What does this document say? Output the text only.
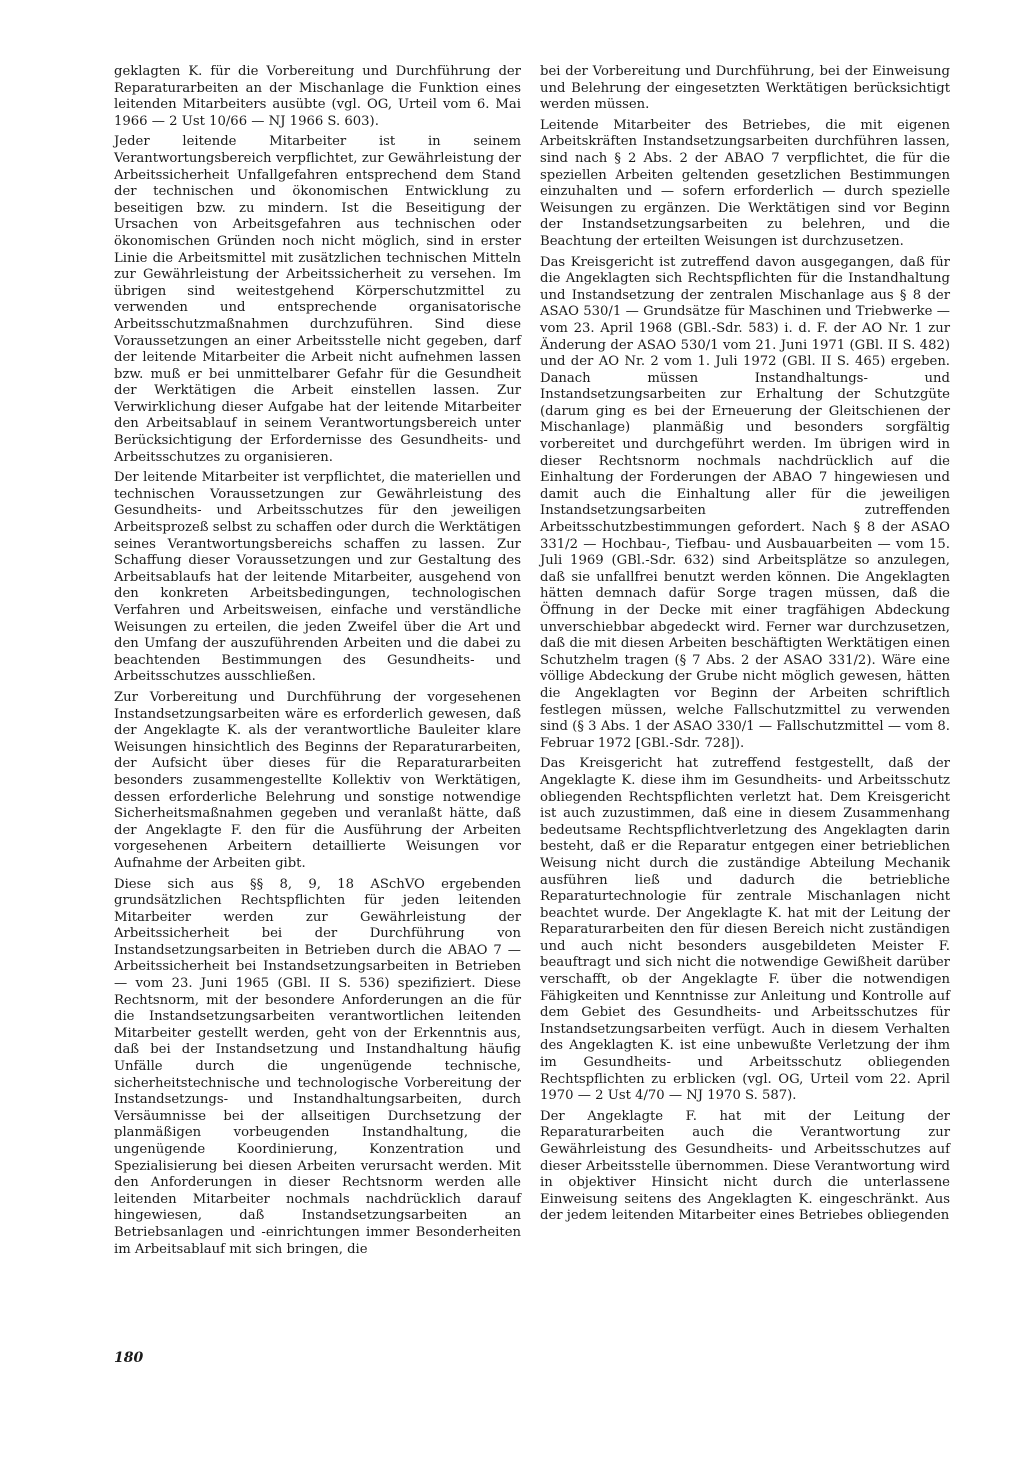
geklagten K. für die Vorbereitung und Durchführung der Reparaturarbeiten an der Mischanlage die Funktion eines leitenden Mitarbeiters ausübte (vgl. OG, Urteil vom 6. Mai 1966 — 2 Ust 10/66 — NJ 1966 S. 603).

Jeder leitende Mitarbeiter ist in seinem Verantwortungsbereich verpflichtet, zur Gewährleistung der Arbeitssicherheit Unfallgefahren entsprechend dem Stand der technischen und ökonomischen Entwicklung zu beseitigen bzw. zu mindern. Ist die Beseitigung der Ursachen von Arbeitsgefahren aus technischen oder ökonomischen Gründen noch nicht möglich, sind in erster Linie die Arbeitsmittel mit zusätzlichen technischen Mitteln zur Gewährleistung der Arbeitssicherheit zu versehen. Im übrigen sind weitestgehend Körperschutzmittel zu verwenden und entsprechende organisatorische Arbeitsschutzmaßnahmen durchzuführen. Sind diese Voraussetzungen an einer Arbeitsstelle nicht gegeben, darf der leitende Mitarbeiter die Arbeit nicht aufnehmen lassen bzw. muß er bei unmittelbarer Gefahr für die Gesundheit der Werktätigen die Arbeit einstellen lassen. Zur Verwirklichung dieser Aufgabe hat der leitende Mitarbeiter den Arbeitsablauf in seinem Verantwortungsbereich unter Berücksichtigung der Erfordernisse des Gesundheits- und Arbeitsschutzes zu organisieren.

Der leitende Mitarbeiter ist verpflichtet, die materiellen und technischen Voraussetzungen zur Gewährleistung des Gesundheits- und Arbeitsschutzes für den jeweiligen Arbeitsprozeß selbst zu schaffen oder durch die Werktätigen seines Verantwortungsbereichs schaffen zu lassen. Zur Schaffung dieser Voraussetzungen und zur Gestaltung des Arbeitsablaufs hat der leitende Mitarbeiter, ausgehend von den konkreten Arbeitsbedingungen, technologischen Verfahren und Arbeitsweisen, einfache und verständliche Weisungen zu erteilen, die jeden Zweifel über die Art und den Umfang der auszuführenden Arbeiten und die dabei zu beachtenden Bestimmungen des Gesundheits- und Arbeitsschutzes ausschließen.

Zur Vorbereitung und Durchführung der vorgesehenen Instandsetzungsarbeiten wäre es erforderlich gewesen, daß der Angeklagte K. als der verantwortliche Bauleiter klare Weisungen hinsichtlich des Beginns der Reparaturarbeiten, der Aufsicht über dieses für die Reparaturarbeiten besonders zusammengestellte Kollektiv von Werktätigen, dessen erforderliche Belehrung und sonstige notwendige Sicherheitsmaßnahmen gegeben und veranlaßt hätte, daß der Angeklagte F. den für die Ausführung der Arbeiten vorgesehenen Arbeitern detaillierte Weisungen vor Aufnahme der Arbeiten gibt.

Diese sich aus §§ 8, 9, 18 ASchVO ergebenden grundsätzlichen Rechtspflichten für jeden leitenden Mitarbeiter werden zur Gewährleistung der Arbeitssicherheit bei der Durchführung von Instandsetzungsarbeiten in Betrieben durch die ABAO 7 — Arbeitssicherheit bei Instandsetzungsarbeiten in Betrieben — vom 23. Juni 1965 (GBl. II S. 536) spezifiziert. Diese Rechtsnorm, mit der besondere Anforderungen an die für die Instandsetzungsarbeiten verantwortlichen leitenden Mitarbeiter gestellt werden, geht von der Erkenntnis aus, daß bei der Instandsetzung und Instandhaltung häufig Unfälle durch die ungenügende technische, sicherheitstechnische und technologische Vorbereitung der Instandsetzungs- und Instandhaltungsarbeiten, durch Versäumnisse bei der allseitigen Durchsetzung der planmäßigen vorbeugenden Instandhaltung, die ungenügende Koordinierung, Konzentration und Spezialisierung bei diesen Arbeiten verursacht werden. Mit den Anforderungen in dieser Rechtsnorm werden alle leitenden Mitarbeiter nochmals nachdrücklich darauf hingewiesen, daß Instandsetzungsarbeiten an Betriebsanlagen und -einrichtungen immer Besonderheiten im Arbeitsablauf mit sich bringen, die

bei der Vorbereitung und Durchführung, bei der Einweisung und Belehrung der eingesetzten Werktätigen berücksichtigt werden müssen.

Leitende Mitarbeiter des Betriebes, die mit eigenen Arbeitskräften Instandsetzungsarbeiten durchführen lassen, sind nach § 2 Abs. 2 der ABAO 7 verpflichtet, die für die speziellen Arbeiten geltenden gesetzlichen Bestimmungen einzuhalten und — sofern erforderlich — durch spezielle Weisungen zu ergänzen. Die Werktätigen sind vor Beginn der Instandsetzungsarbeiten zu belehren, und die Beachtung der erteilten Weisungen ist durchzusetzen.

Das Kreisgericht ist zutreffend davon ausgegangen, daß für die Angeklagten sich Rechtspflichten für die Instandhaltung und Instandsetzung der zentralen Mischanlage aus § 8 der ASAO 530/1 — Grundsätze für Maschinen und Triebwerke — vom 23. April 1968 (GBl.-Sdr. 583) i. d. F. der AO Nr. 1 zur Änderung der ASAO 530/1 vom 21. Juni 1971 (GBl. II S. 482) und der AO Nr. 2 vom 1. Juli 1972 (GBl. II S. 465) ergeben. Danach müssen Instandhaltungs- und Instandsetzungsarbeiten zur Erhaltung der Schutzgüte (darum ging es bei der Erneuerung der Gleitschienen der Mischanlage) planmäßig und besonders sorgfältig vorbereitet und durchgeführt werden. Im übrigen wird in dieser Rechtsnorm nochmals nachdrücklich auf die Einhaltung der Forderungen der ABAO 7 hingewiesen und damit auch die Einhaltung aller für die jeweiligen Instandsetzungsarbeiten zutreffenden Arbeitsschutzbestimmungen gefordert. Nach § 8 der ASAO 331/2 — Hochbau-, Tiefbau- und Ausbauarbeiten — vom 15. Juli 1969 (GBl.-Sdr. 632) sind Arbeitsplätze so anzulegen, daß sie unfallfrei benutzt werden können. Die Angeklagten hätten demnach dafür Sorge tragen müssen, daß die Öffnung in der Decke mit einer tragfähigen Abdeckung unverschiebbar abgedeckt wird. Ferner war durchzusetzen, daß die mit diesen Arbeiten beschäftigten Werktätigen einen Schutzhelm tragen (§ 7 Abs. 2 der ASAO 331/2). Wäre eine völlige Abdeckung der Grube nicht möglich gewesen, hätten die Angeklagten vor Beginn der Arbeiten schriftlich festlegen müssen, welche Fallschutzmittel zu verwenden sind (§ 3 Abs. 1 der ASAO 330/1 — Fallschutzmittel — vom 8. Februar 1972 [GBl.-Sdr. 728]).

Das Kreisgericht hat zutreffend festgestellt, daß der Angeklagte K. diese ihm im Gesundheits- und Arbeitsschutz obliegenden Rechtspflichten verletzt hat. Dem Kreisgericht ist auch zuzustimmen, daß eine in diesem Zusammenhang bedeutsame Rechtspflichtverletzung des Angeklagten darin besteht, daß er die Reparatur entgegen einer betrieblichen Weisung nicht durch die zuständige Abteilung Mechanik ausführen ließ und dadurch die betriebliche Reparaturtechnologie für zentrale Mischanlagen nicht beachtet wurde. Der Angeklagte K. hat mit der Leitung der Reparaturarbeiten den für diesen Bereich nicht zuständigen und auch nicht besonders ausgebildeten Meister F. beauftragt und sich nicht die notwendige Gewißheit darüber verschafft, ob der Angeklagte F. über die notwendigen Fähigkeiten und Kenntnisse zur Anleitung und Kontrolle auf dem Gebiet des Gesundheits- und Arbeitsschutzes für Instandsetzungsarbeiten verfügt. Auch in diesem Verhalten des Angeklagten K. ist eine unbewußte Verletzung der ihm im Gesundheits- und Arbeitsschutz obliegenden Rechtspflichten zu erblicken (vgl. OG, Urteil vom 22. April 1970 — 2 Ust 4/70 — NJ 1970 S. 587).

Der Angeklagte F. hat mit der Leitung der Reparaturarbeiten auch die Verantwortung zur Gewährleistung des Gesundheits- und Arbeitsschutzes auf dieser Arbeitsstelle übernommen. Diese Verantwortung wird in objektiver Hinsicht nicht durch die unterlassene Einweisung seitens des Angeklagten K. eingeschränkt. Aus der jedem leitenden Mitarbeiter eines Betriebes obliegenden

180
